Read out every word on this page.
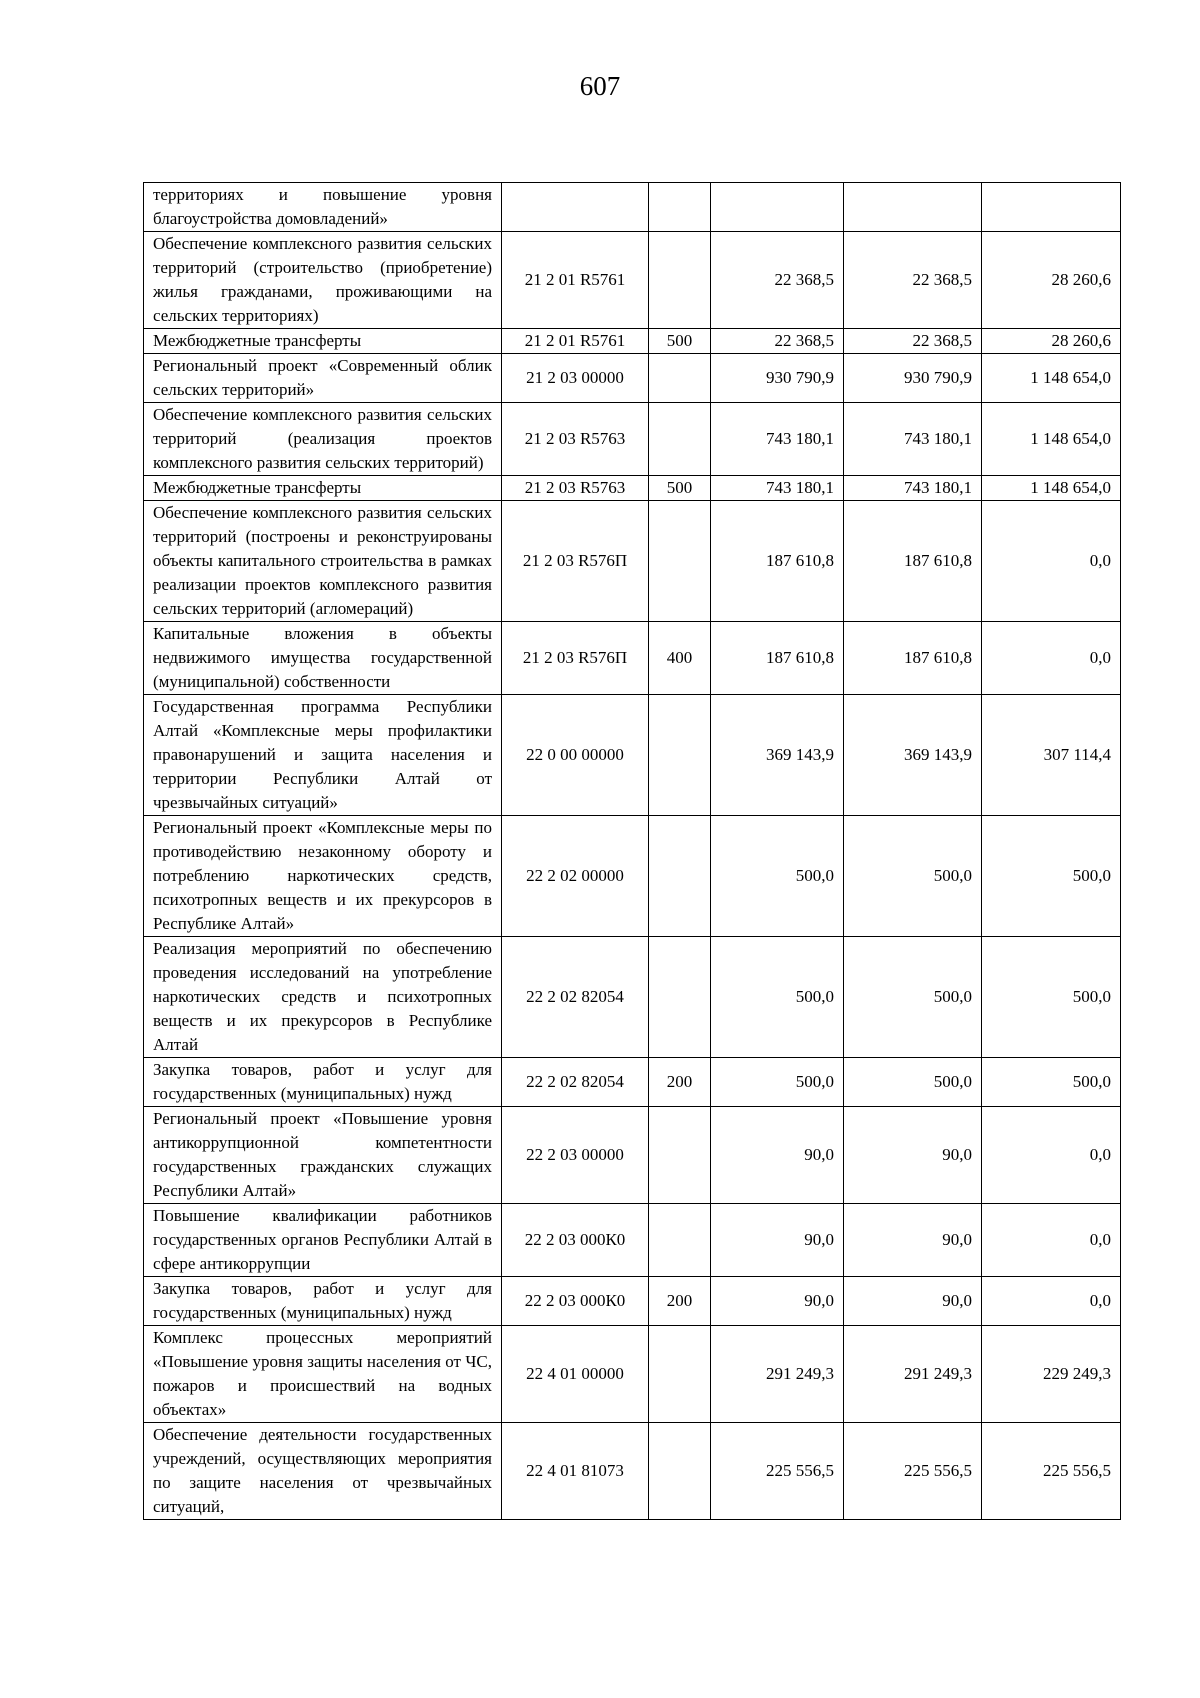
607
территориях и повышение уровня благоустройства домовладений»					
Обеспечение комплексного развития сельских территорий (строительство (приобретение) жилья гражданами, проживающими на сельских территориях)	21 2 01 R5761		22 368,5	22 368,5	28 260,6
Межбюджетные трансферты	21 2 01 R5761	500	22 368,5	22 368,5	28 260,6
Региональный проект «Современный облик сельских территорий»	21 2 03 00000		930 790,9	930 790,9	1 148 654,0
Обеспечение комплексного развития сельских территорий (реализация проектов комплексного развития сельских территорий)	21 2 03 R5763		743 180,1	743 180,1	1 148 654,0
Межбюджетные трансферты	21 2 03 R5763	500	743 180,1	743 180,1	1 148 654,0
Обеспечение комплексного развития сельских территорий (построены и реконструированы объекты капитального строительства в рамках реализации проектов комплексного развития сельских территорий (агломераций)	21 2 03 R576П		187 610,8	187 610,8	0,0
Капитальные вложения в объекты недвижимого имущества государственной (муниципальной) собственности	21 2 03 R576П	400	187 610,8	187 610,8	0,0
Государственная программа Республики Алтай «Комплексные меры профилактики правонарушений и защита населения и территории Республики Алтай от чрезвычайных ситуаций»	22 0 00 00000		369 143,9	369 143,9	307 114,4
Региональный проект «Комплексные меры по противодействию незаконному обороту и потреблению наркотических средств, психотропных веществ и их прекурсоров в Республике Алтай»	22 2 02 00000		500,0	500,0	500,0
Реализация мероприятий по обеспечению проведения исследований на употребление наркотических средств и психотропных веществ и их прекурсоров в Республике Алтай	22 2 02 82054		500,0	500,0	500,0
Закупка товаров, работ и услуг для государственных (муниципальных) нужд	22 2 02 82054	200	500,0	500,0	500,0
Региональный проект «Повышение уровня антикоррупционной компетентности государственных гражданских служащих Республики Алтай»	22 2 03 00000		90,0	90,0	0,0
Повышение квалификации работников государственных органов Республики Алтай в сфере антикоррупции	22 2 03 000К0		90,0	90,0	0,0
Закупка товаров, работ и услуг для государственных (муниципальных) нужд	22 2 03 000К0	200	90,0	90,0	0,0
Комплекс процессных мероприятий «Повышение уровня защиты населения от ЧС, пожаров и происшествий на водных объектах»	22 4 01 00000		291 249,3	291 249,3	229 249,3
Обеспечение деятельности государственных учреждений, осуществляющих мероприятия по защите населения от чрезвычайных ситуаций,	22 4 01 81073		225 556,5	225 556,5	225 556,5
